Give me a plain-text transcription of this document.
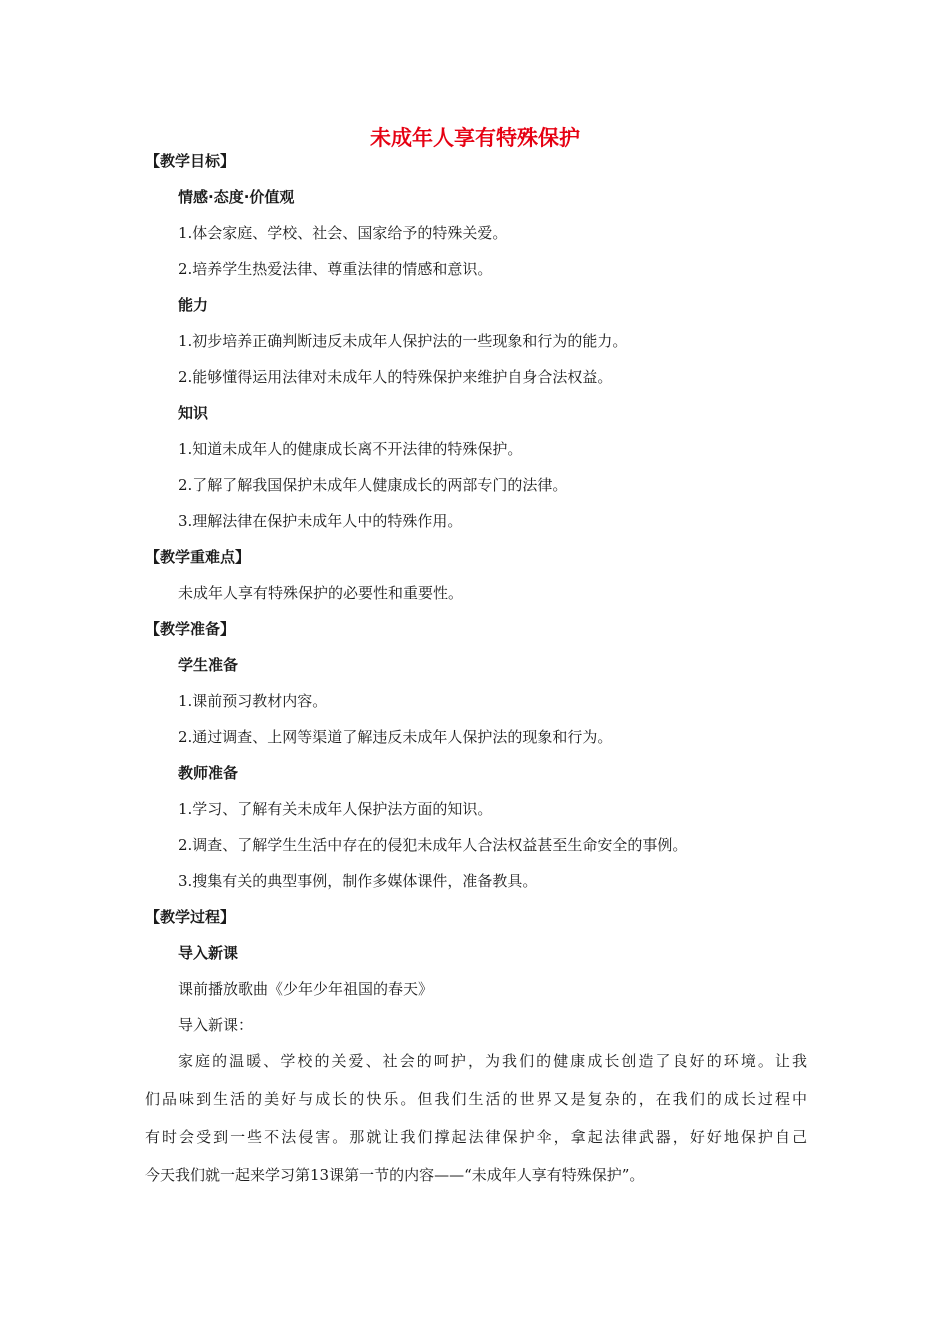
未成年人享有特殊保护
【教学目标】
情感·态度·价值观
1.体会家庭、学校、社会、国家给予的特殊关爱。
2.培养学生热爱法律、尊重法律的情感和意识。
能力
1.初步培养正确判断违反未成年人保护法的一些现象和行为的能力。
2.能够懂得运用法律对未成年人的特殊保护来维护自身合法权益。
知识
1.知道未成年人的健康成长离不开法律的特殊保护。
2.了解了解我国保护未成年人健康成长的两部专门的法律。
3.理解法律在保护未成年人中的特殊作用。
【教学重难点】
未成年人享有特殊保护的必要性和重要性。
【教学准备】
学生准备
1.课前预习教材内容。
2.通过调查、上网等渠道了解违反未成年人保护法的现象和行为。
教师准备
1.学习、了解有关未成年人保护法方面的知识。
2.调查、了解学生生活中存在的侵犯未成年人合法权益甚至生命安全的事例。
3.搜集有关的典型事例，制作多媒体课件，准备教具。
【教学过程】
导入新课
课前播放歌曲《少年少年祖国的春天》
导入新课：
家庭的温暖、学校的关爱、社会的呵护，为我们的健康成长创造了良好的环境。让我
们品味到生活的美好与成长的快乐。但我们生活的世界又是复杂的，在我们的成长过程中
有时会受到一些不法侵害。那就让我们撑起法律保护伞，拿起法律武器，好好地保护自己
今天我们就一起来学习第13课第一节的内容——“未成年人享有特殊保护”。
